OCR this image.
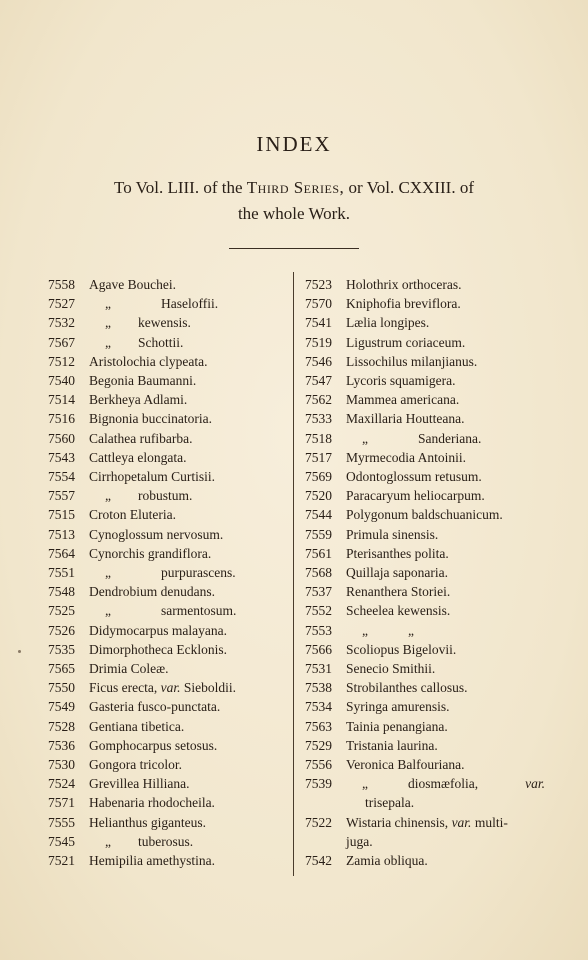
INDEX
To Vol. LIII. of the Third Series, or Vol. CXXIII. of
the whole Work.
7558	Agave Bouchei.
7527	„	Haseloffii.
7532	„	kewensis.
7567	„	Schottii.
7512	Aristolochia clypeata.
7540	Begonia Baumanni.
7514	Berkheya Adlami.
7516	Bignonia buccinatoria.
7560	Calathea rufibarba.
7543	Cattleya elongata.
7554	Cirrhopetalum Curtisii.
7557	„	robustum.
7515	Croton Eluteria.
7513	Cynoglossum nervosum.
7564	Cynorchis grandiflora.
7551	„	purpurascens.
7548	Dendrobium denudans.
7525	„	sarmentosum.
7526	Didymocarpus malayana.
7535	Dimorphotheca Ecklonis.
7565	Drimia Coleæ.
7550	Ficus erecta, var. Sieboldii.
7549	Gasteria fusco-punctata.
7528	Gentiana tibetica.
7536	Gomphocarpus setosus.
7530	Gongora tricolor.
7524	Grevillea Hilliana.
7571	Habenaria rhodocheila.
7555	Helianthus giganteus.
7545	„	tuberosus.
7521	Hemipilia amethystina.
7523	Holothrix orthoceras.
7570	Kniphofia breviflora.
7541	Lælia longipes.
7519	Ligustrum coriaceum.
7546	Lissochilus milanjianus.
7547	Lycoris squamigera.
7562	Mammea americana.
7533	Maxillaria Houtteana.
7518	„	Sanderiana.
7517	Myrmecodia Antoinii.
7569	Odontoglossum retusum.
7520	Paracaryum heliocarpum.
7544	Polygonum baldschuanicum.
7559	Primula sinensis.
7561	Pterisanthes polita.
7568	Quillaja saponaria.
7537	Renanthera Storiei.
7552	Scheelea kewensis.
7553	„	„
7566	Scoliopus Bigelovii.
7531	Senecio Smithii.
7538	Strobilanthes callosus.
7534	Syringa amurensis.
7563	Tainia penangiana.
7529	Tristania laurina.
7556	Veronica Balfouriana.
7539	„	diosmæfolia,	var.
trisepala.
7522	Wistaria chinensis, var. multi-
juga.
7542	Zamia obliqua.
